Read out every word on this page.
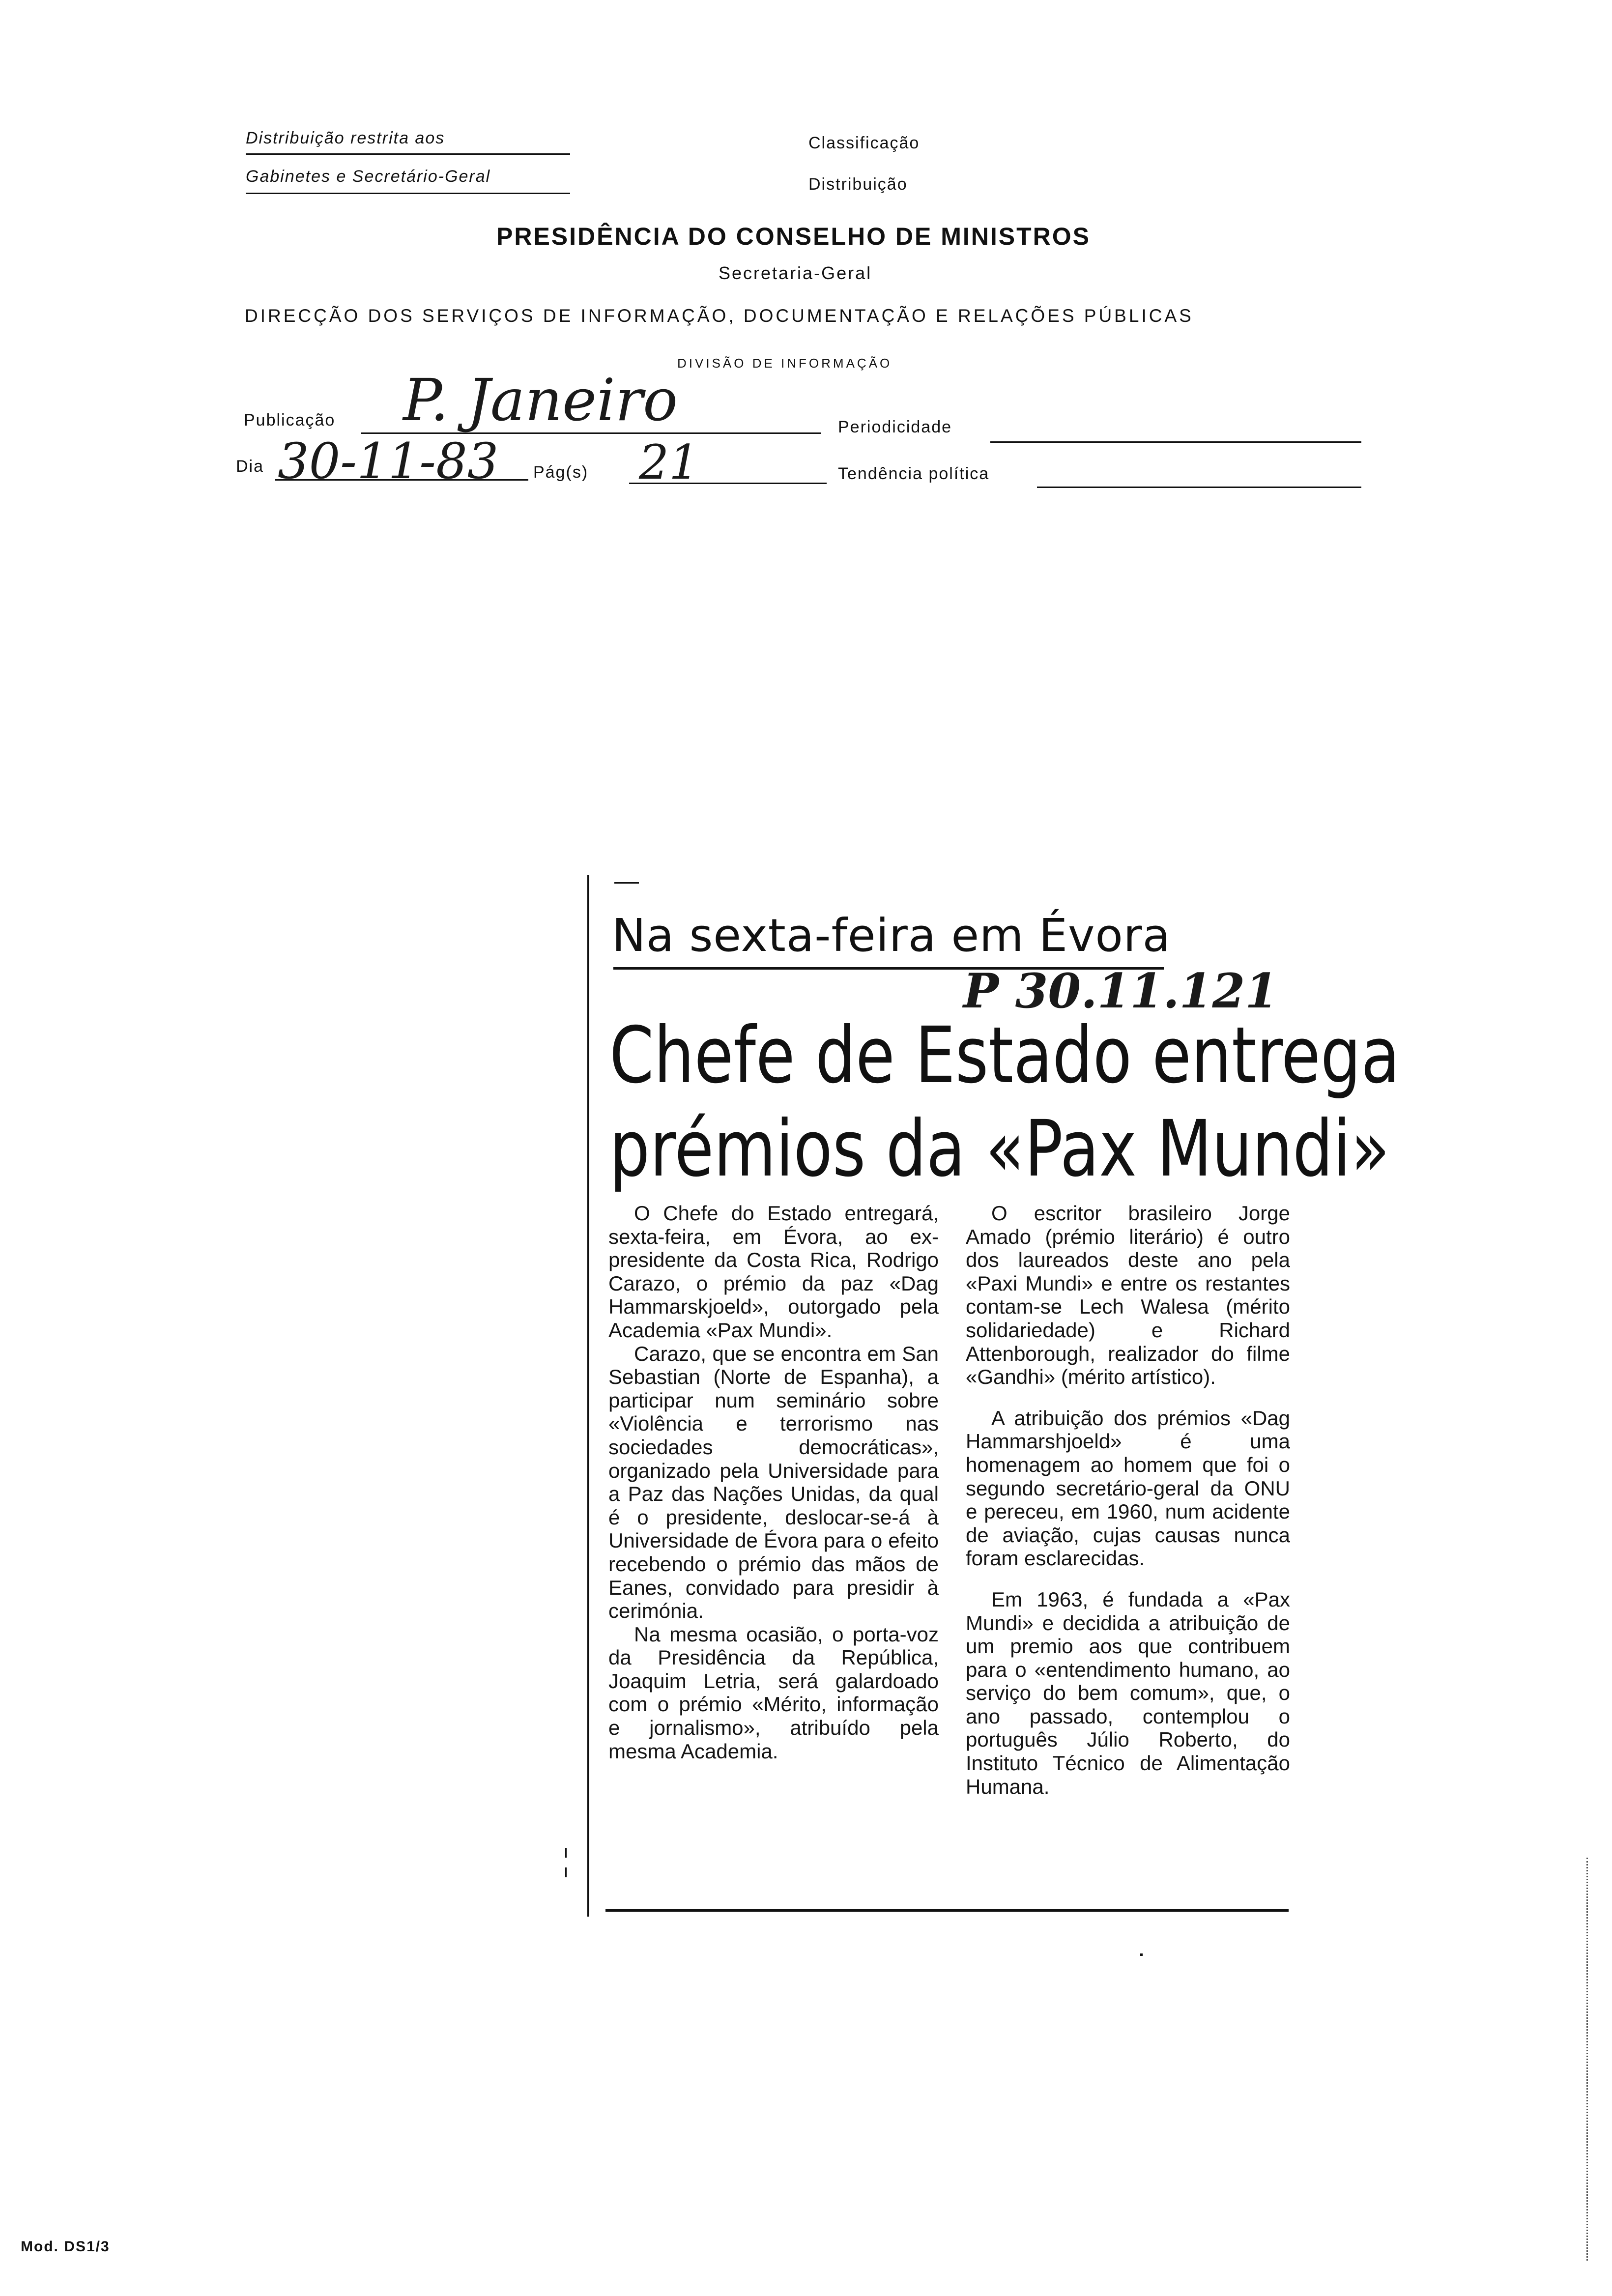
Distribuição restrita aos
Gabinetes e Secretário-Geral
Classificação
Distribuição
PRESIDÊNCIA DO CONSELHO DE MINISTROS
Secretaria-Geral
DIRECÇÃO DOS SERVIÇOS DE INFORMAÇÃO, DOCUMENTAÇÃO E RELAÇÕES PÚBLICAS
DIVISÃO DE INFORMAÇÃO
Publicação P. Janeiro	Periodicidade
Dia 30-11-83 Pág(s) 21	Tendência política
Na sexta-feira em Évora
P 30.11.121
Chefe de Estado entrega
prémios da «Pax Mundi»

O Chefe do Estado entregará, sexta-feira, em Évora, ao ex-presidente da Costa Rica, Rodrigo Carazo, o prémio da paz «Dag Hammarskjoeld», outorgado pela Academia «Pax Mundi».

Carazo, que se encontra em San Sebastian (Norte de Espanha), a participar num seminário sobre «Violência e terrorismo nas sociedades democráticas», organizado pela Universidade para a Paz das Nações Unidas, da qual é o presidente, deslocar-se-á à Universidade de Évora para o efeito recebendo o prémio das mãos de Eanes, convidado para presidir à cerimónia.

Na mesma ocasião, o porta-voz da Presidência da República, Joaquim Letria, será galardoado com o prémio «Mérito, informação e jornalismo», atribuído pela mesma Academia.

O escritor brasileiro Jorge Amado (prémio literário) é outro dos laureados deste ano pela «Paxi Mundi» e entre os restantes contam-se Lech Walesa (mérito solidariedade) e Richard Attenborough, realizador do filme «Gandhi» (mérito artístico).

A atribuição dos prémios «Dag Hammarshjoeld» é uma homenagem ao homem que foi o segundo secretário-geral da ONU e pereceu, em 1960, num acidente de aviação, cujas causas nunca foram esclarecidas.

Em 1963, é fundada a «Pax Mundi» e decidida a atribuição de um premio aos que contribuem para o «entendimento humano, ao serviço do bem comum», que, o ano passado, contemplou o português Júlio Roberto, do Instituto Técnico de Alimentação Humana.

Mod. DS1/3
